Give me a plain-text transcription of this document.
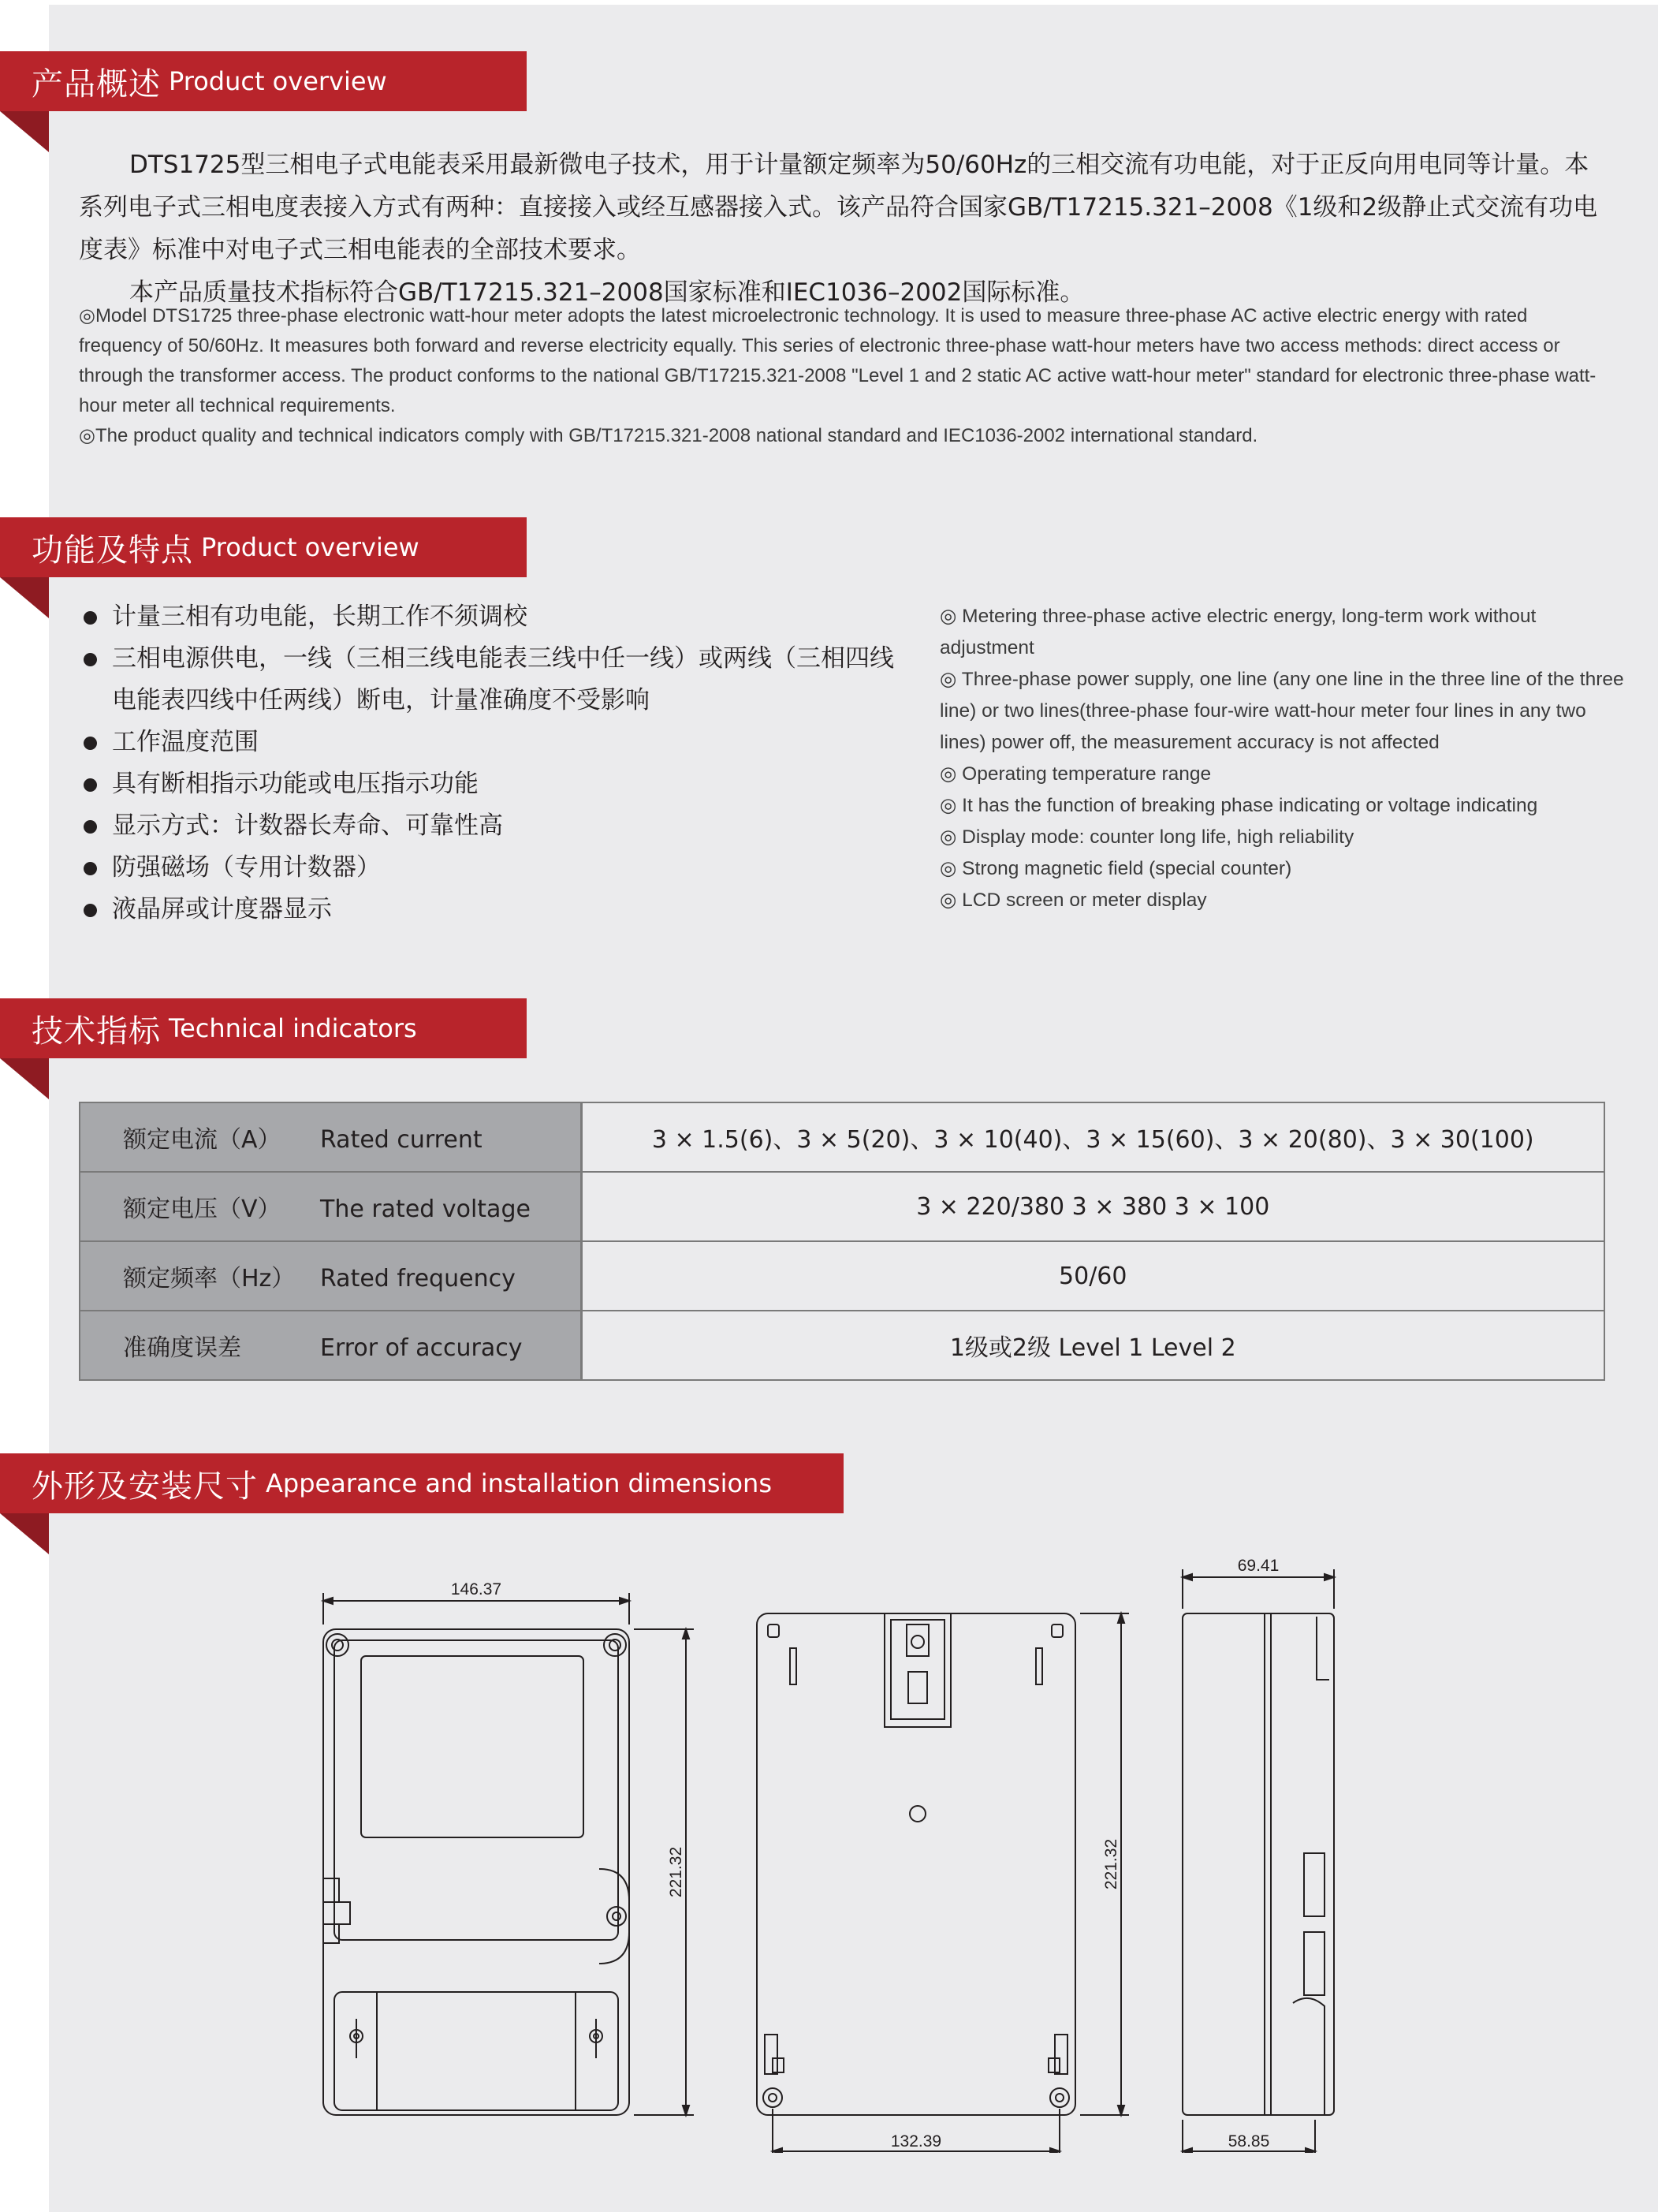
产品概述 Product overview

DTS1725型三相电子式电能表采用最新微电子技术，用于计量额定频率为50/60Hz的三相交流有功电能，对于正反向用电同等计量。本系列电子式三相电度表接入方式有两种：直接接入或经互感器接入式。该产品符合国家GB/T17215.321–2008《1级和2级静止式交流有功电度表》标准中对电子式三相电能表的全部技术要求。

本产品质量技术指标符合GB/T17215.321–2008国家标准和IEC1036–2002国际标准。

◎Model DTS1725 three-phase electronic watt-hour meter adopts the latest microelectronic technology. It is used to measure three-phase AC active electric energy with rated frequency of 50/60Hz. It measures both forward and reverse electricity equally. This series of electronic three-phase watt-hour meters have two access methods: direct access or through the transformer access. The product conforms to the national GB/T17215.321-2008 "Level 1 and 2 static AC active watt-hour meter" standard for electronic three-phase watt-hour meter all technical requirements.

◎The product quality and technical indicators comply with GB/T17215.321-2008 national standard and IEC1036-2002 international standard.

功能及特点 Product overview
计量三相有功电能，长期工作不须调校
三相电源供电，一线（三相三线电能表三线中任一线）或两线（三相四线电能表四线中任两线）断电，计量准确度不受影响
工作温度范围
具有断相指示功能或电压指示功能
显示方式：计数器长寿命、可靠性高
防强磁场（专用计数器）
液晶屏或计度器显示

◎ Metering three-phase active electric energy, long-term work without adjustment

◎ Three-phase power supply, one line (any one line in the three line of the three line) or two lines(three-phase four-wire watt-hour meter four lines in any two lines) power off, the measurement accuracy is not affected

◎ Operating temperature range

◎ It has the function of breaking phase indicating or voltage indicating

◎ Display mode: counter long life, high reliability

◎ Strong magnetic field (special counter)

◎ LCD screen or meter display

技术指标 Technical indicators
额定电流（A） Rated current	3 × 1.5(6)、3 × 5(20)、3 × 10(40)、3 × 15(60)、3 × 20(80)、3 × 30(100)
额定电压（V） The rated voltage	3 × 220/380 3 × 380 3 × 100
额定频率（Hz） Rated frequency	50/60
准确度误差 Error of accuracy	1级或2级 Level 1 Level 2
外形及安装尺寸 Appearance and installation dimensions
146.37
221.32	221.32
132.39
69.41
58.85
